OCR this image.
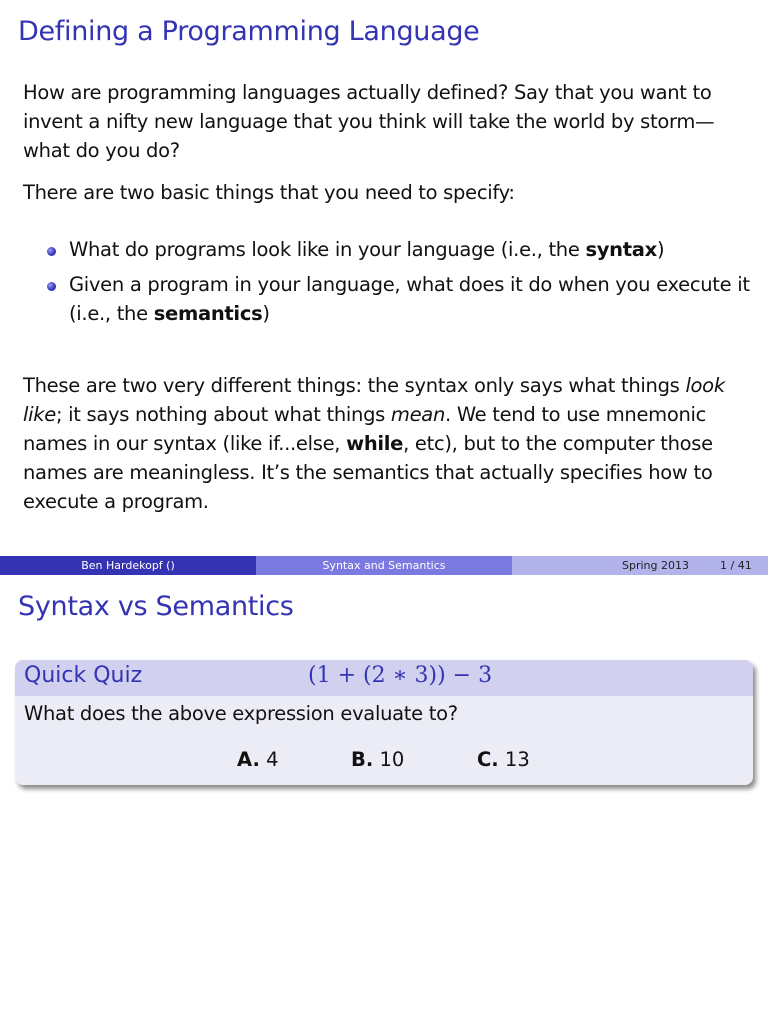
Defining a Programming Language

How are programming languages actually defined? Say that you want to invent a nifty new language that you think will take the world by storm—what do you do?

There are two basic things that you need to specify:

What do programs look like in your language (i.e., the syntax)
Given a program in your language, what does it do when you execute it (i.e., the semantics)

These are two very different things: the syntax only says what things look like; it says nothing about what things mean. We tend to use mnemonic names in our syntax (like if...else, while, etc), but to the computer those names are meaningless. It’s the semantics that actually specifies how to execute a program.

Ben Hardekopf ()	Syntax and Semantics	Spring 2013	1 / 41
Syntax vs Semantics
Quick Quiz	(1 + (2 ∗ 3)) − 3
What does the above expression evaluate to?
A. 4	B. 10	C. 13
